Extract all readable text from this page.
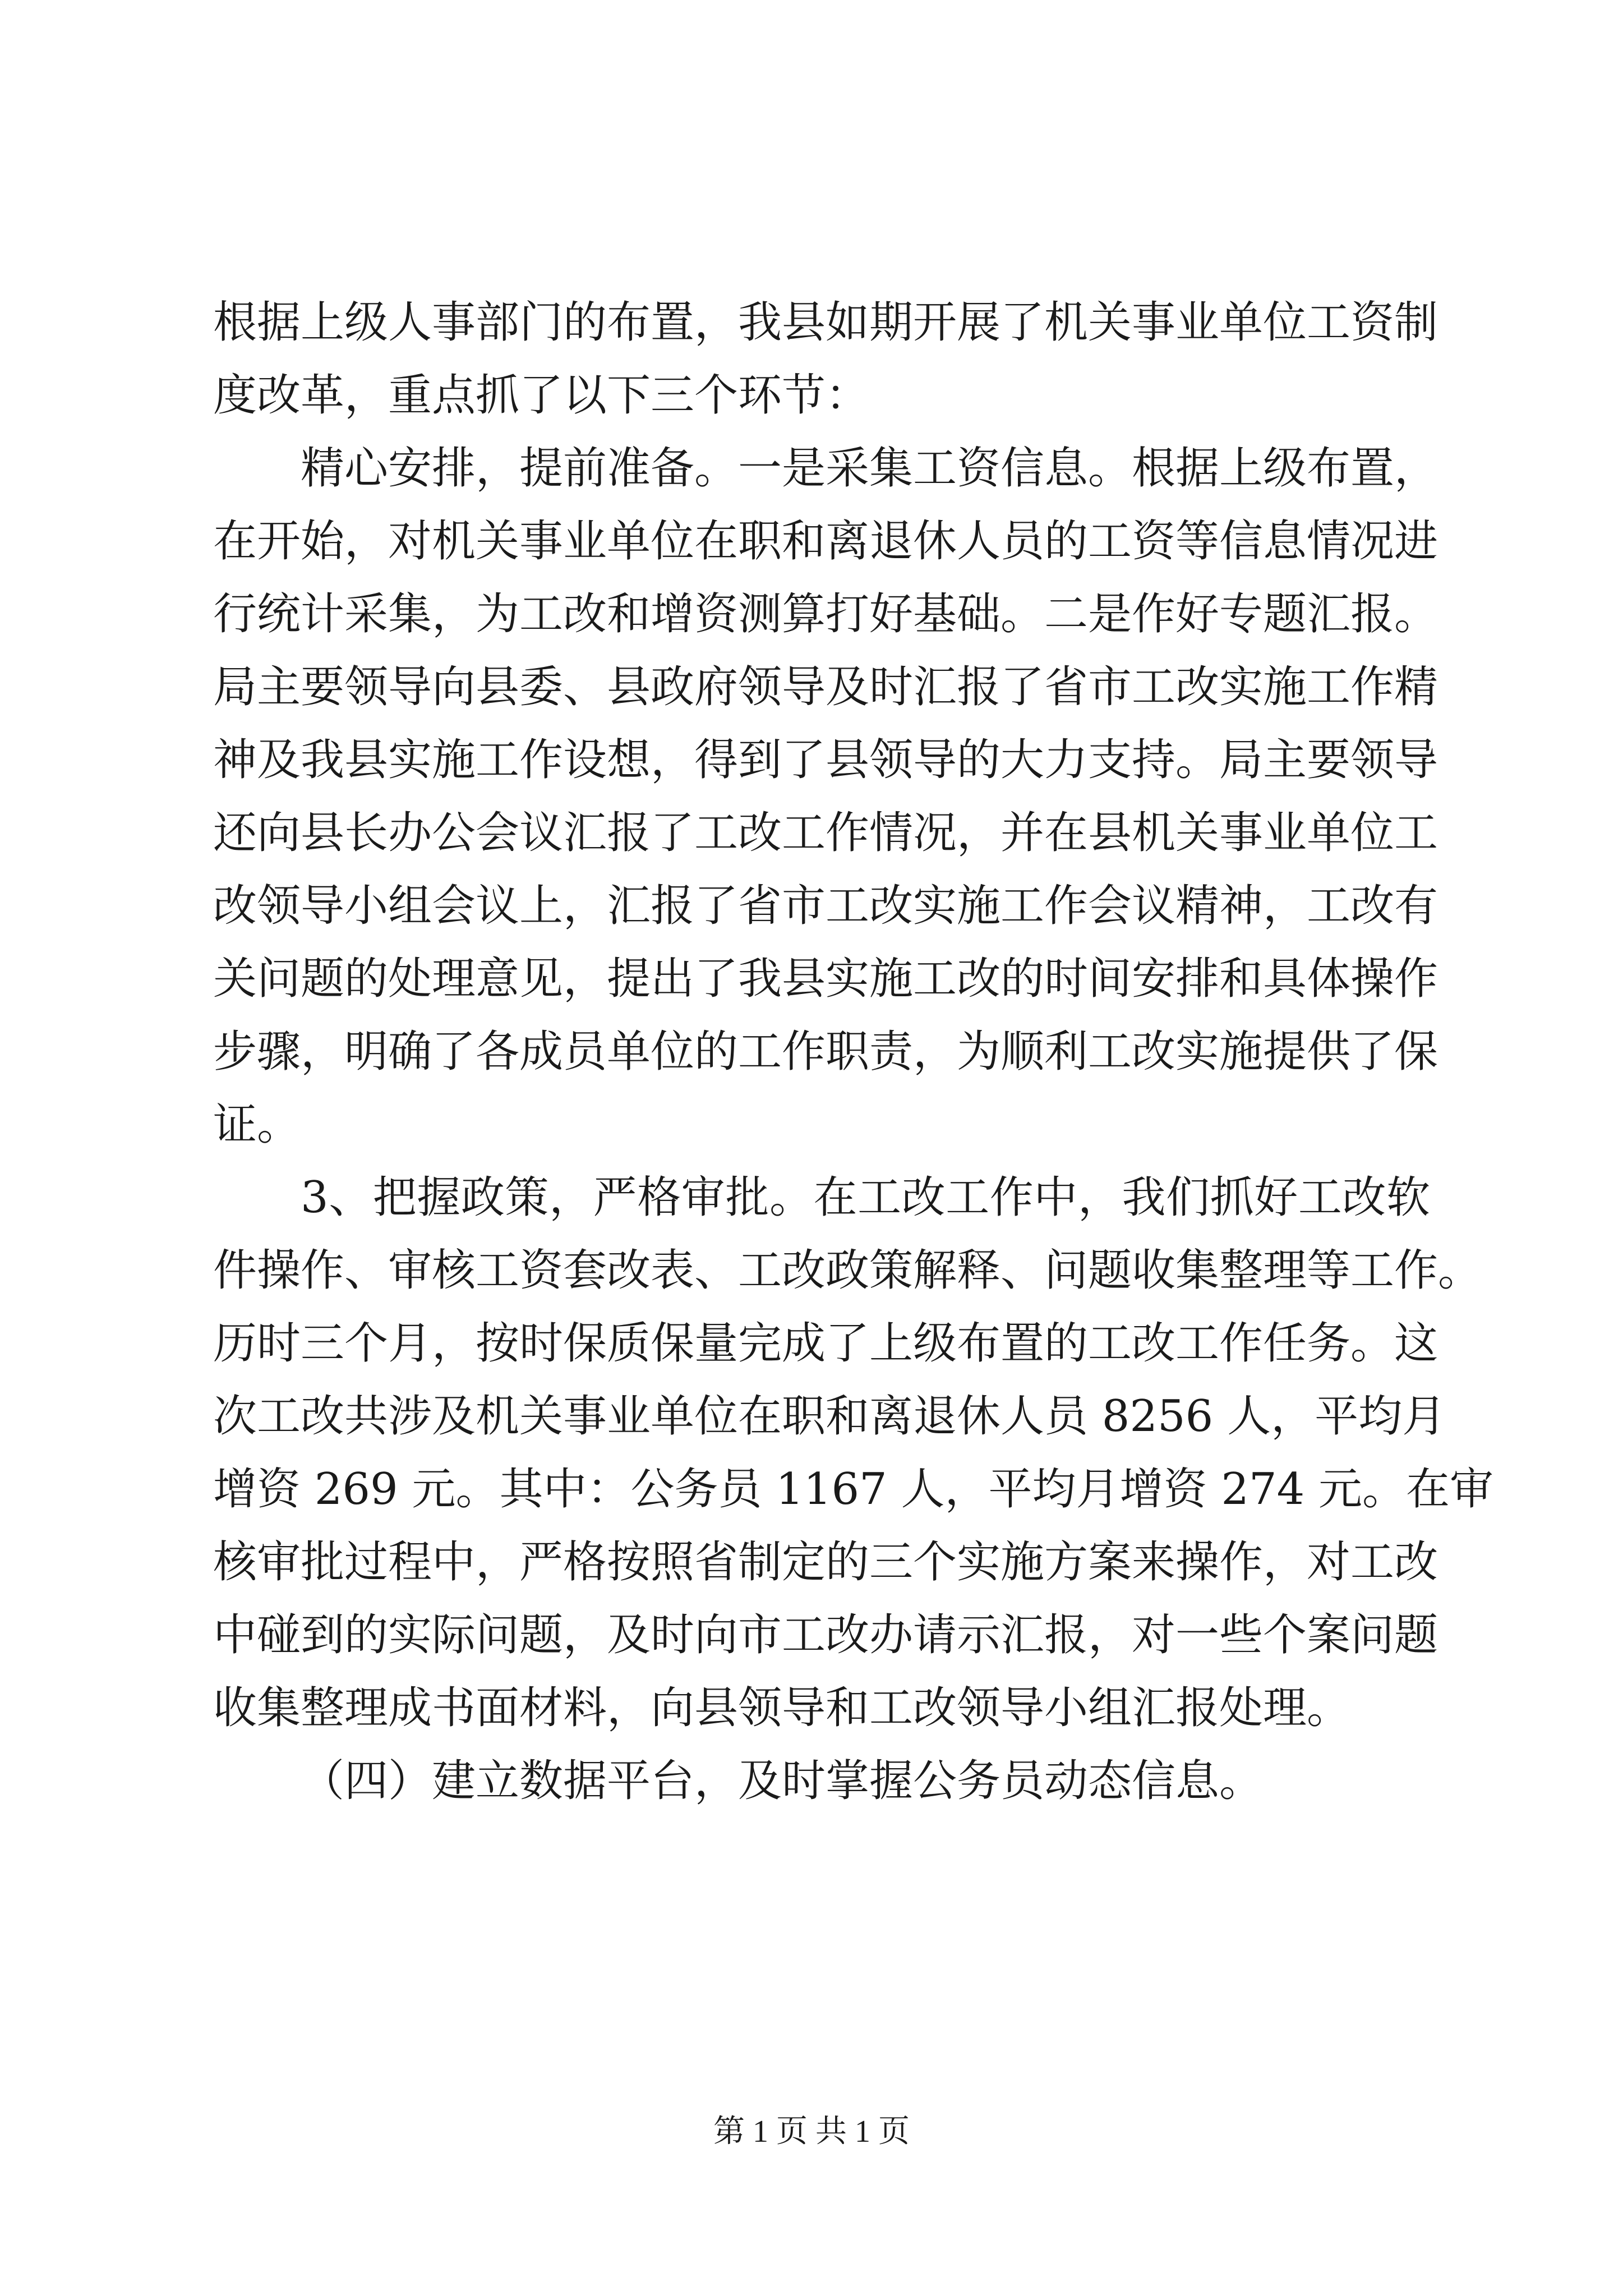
根据上级人事部门的布置，我县如期开展了机关事业单位工资制
度改革，重点抓了以下三个环节：
精心安排，提前准备。一是采集工资信息。根据上级布置，
在开始，对机关事业单位在职和离退休人员的工资等信息情况进
行统计采集，为工改和增资测算打好基础。二是作好专题汇报。
局主要领导向县委、县政府领导及时汇报了省市工改实施工作精
神及我县实施工作设想，得到了县领导的大力支持。局主要领导
还向县长办公会议汇报了工改工作情况，并在县机关事业单位工
改领导小组会议上，汇报了省市工改实施工作会议精神，工改有
关问题的处理意见，提出了我县实施工改的时间安排和具体操作
步骤，明确了各成员单位的工作职责，为顺利工改实施提供了保
证。
3、把握政策，严格审批。在工改工作中，我们抓好工改软
件操作、审核工资套改表、工改政策解释、问题收集整理等工作。
历时三个月，按时保质保量完成了上级布置的工改工作任务。这
次工改共涉及机关事业单位在职和离退休人员 8256 人，平均月
增资 269 元。其中：公务员 1167 人，平均月增资 274 元。在审
核审批过程中，严格按照省制定的三个实施方案来操作，对工改
中碰到的实际问题，及时向市工改办请示汇报，对一些个案问题
收集整理成书面材料，向县领导和工改领导小组汇报处理。
（四）建立数据平台，及时掌握公务员动态信息。
第 1 页 共 1 页
